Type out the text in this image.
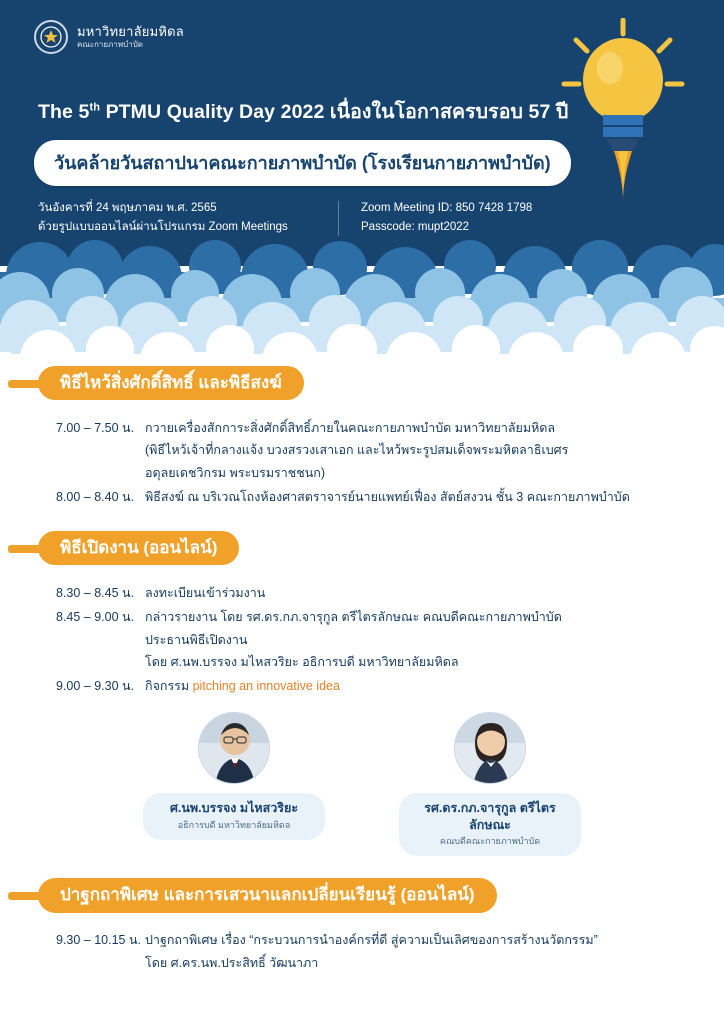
มหาวิทยาลัยมหิดล
คณะกายภาพบำบัด
The 5th PTMU Quality Day 2022 เนื่องในโอกาสครบรอบ 57 ปี
วันคล้ายวันสถาปนาคณะกายภาพบำบัด (โรงเรียนกายภาพบำบัด)
วันอังคารที่ 24 พฤษภาคม พ.ศ. 2565
ด้วยรูปแบบออนไลน์ผ่านโปรแกรม Zoom Meetings
Zoom Meeting ID: 850 7428 1798
Passcode: mupt2022
พิธีไหว้สิ่งศักดิ์สิทธิ์ และพิธีสงฆ์
7.00 – 7.50 น. กวายเครื่องสักการะสิ่งศักดิ์สิทธิ์ภายในคณะกายภาพบำบัด มหาวิทยาลัยมหิดล
(พิธีไหว้เจ้าที่กลางแจ้ง บวงสรวงเสาเอก และไหว้พระรูปสมเด็จพระมหิตลาธิเบศร
อดุลยเดชวิกรม พระบรมราชชนก)
8.00 – 8.40 น. พิธีสงฆ์ ณ บริเวณโถงห้องศาสตราจารย์นายแพทย์เฟื่อง สัตย์สงวน ชั้น 3 คณะกายภาพบำบัด
พิธีเปิดงาน (ออนไลน์)
8.30 – 8.45 น. ลงทะเบียนเข้าร่วมงาน
8.45 – 9.00 น. กล่าวรายงาน โดย รศ.ดร.กภ.จารุกูล ตรีไตรลักษณะ คณบดีคณะกายภาพบำบัด
ประธานพิธีเปิดงาน
โดย ศ.นพ.บรรจง มไหสวริยะ อธิการบดี มหาวิทยาลัยมหิดล
9.00 – 9.30 น. กิจกรรม pitching an innovative idea
ศ.นพ.บรรจง มไหสวริยะ
อธิการบดี มหาวิทยาลัยมหิดล
รศ.ดร.กภ.จารุกูล ตรีไตรลักษณะ
คณบดีคณะกายภาพบำบัด
ปาฐกถาพิเศษ และการเสวนาแลกเปลี่ยนเรียนรู้ (ออนไลน์)
9.30 – 10.15 น. ปาฐกถาพิเศษ เรื่อง “กระบวนการนำองค์กรที่ดี สู่ความเป็นเลิศของการสร้างนวัตกรรม”
โดย ศ.คร.นพ.ประสิทธิ์ วัฒนาภา
